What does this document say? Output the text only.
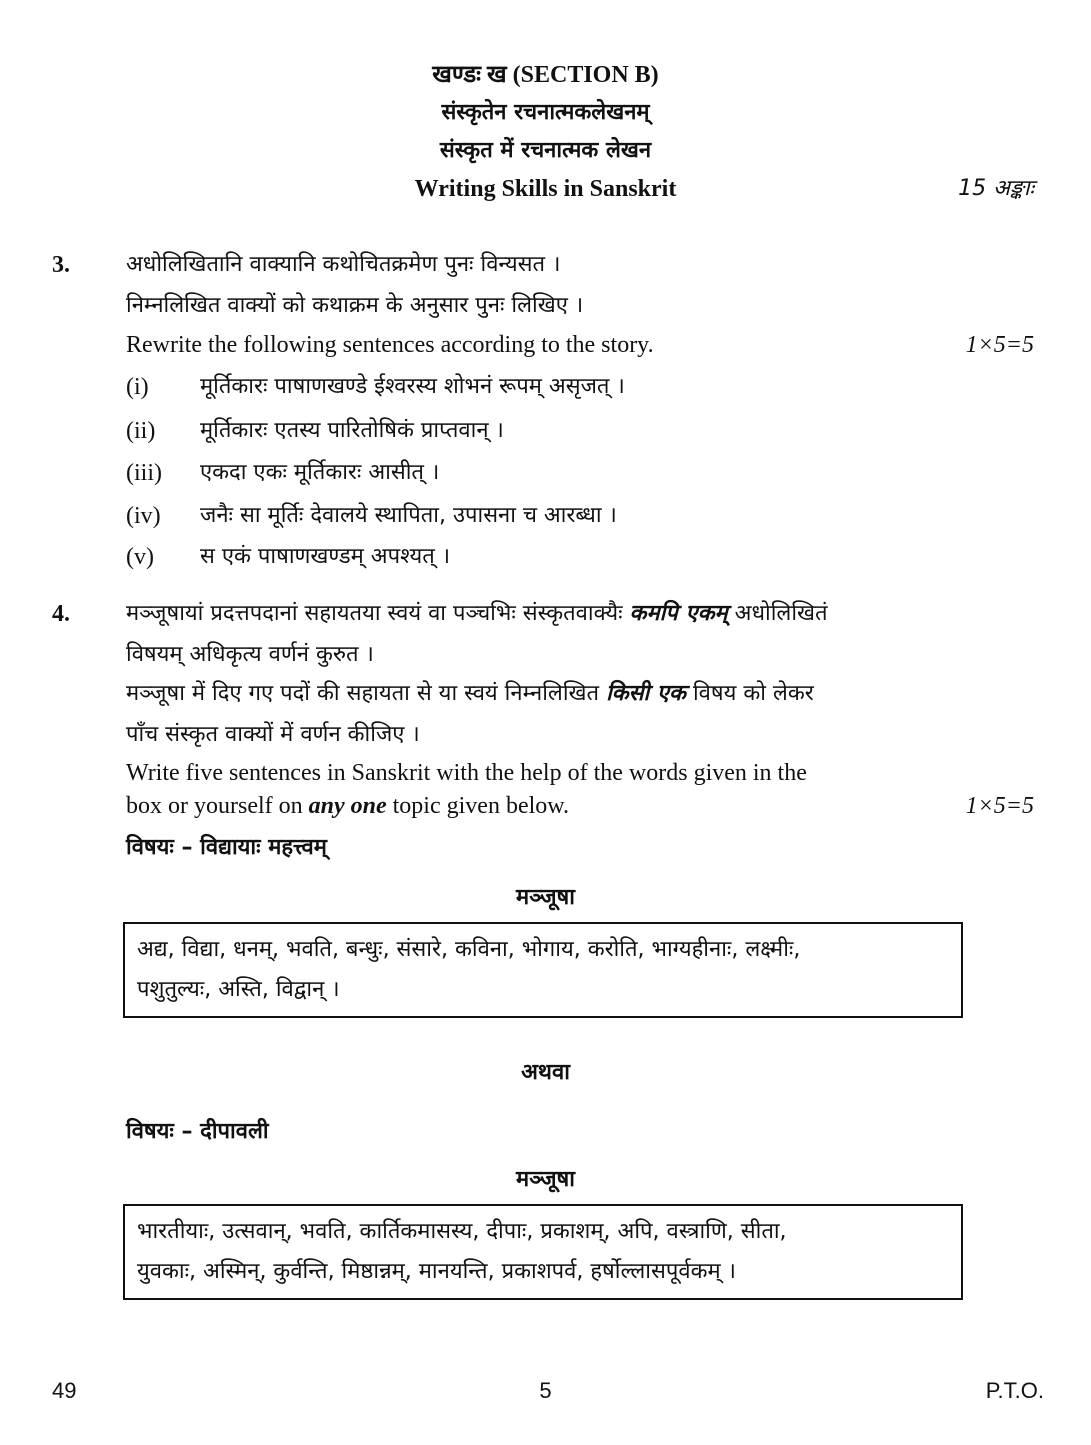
खण्डः ख (SECTION B)
संस्कृतेन रचनात्मकलेखनम्
संस्कृत में रचनात्मक लेखन
Writing Skills in Sanskrit	15 अङ्काः
3.	अधोलिखितानि वाक्यानि कथोचितक्रमेण पुनः विन्यसत ।
निम्नलिखित वाक्यों को कथाक्रम के अनुसार पुनः लिखिए ।
Rewrite the following sentences according to the story.	1×5=5
(i) मूर्तिकारः पाषाणखण्डे ईश्वरस्य शोभनं रूपम् असृजत् ।
(ii) मूर्तिकारः एतस्य पारितोषिकं प्राप्तवान् ।
(iii) एकदा एकः मूर्तिकारः आसीत् ।
(iv) जनैः सा मूर्तिः देवालये स्थापिता, उपासना च आरब्धा ।
(v) स एकं पाषाणखण्डम् अपश्यत् ।
4.	मञ्जूषायां प्रदत्तपदानां सहायतया स्वयं वा पञ्चभिः संस्कृतवाक्यैः कमपि एकम् अधोलिखितं
विषयम् अधिकृत्य वर्णनं कुरुत ।
मञ्जूषा में दिए गए पदों की सहायता से या स्वयं निम्नलिखित किसी एक विषय को लेकर
पाँच संस्कृत वाक्यों में वर्णन कीजिए ।
Write five sentences in Sanskrit with the help of the words given in the
box or yourself on any one topic given below.	1×5=5
विषयः – विद्यायाः महत्त्वम्
मञ्जूषा
अद्य, विद्या, धनम्, भवति, बन्धुः, संसारे, कविना, भोगाय, करोति, भाग्यहीनाः, लक्ष्मीः,
पशुतुल्यः, अस्ति, विद्वान् ।
अथवा
विषयः – दीपावली
मञ्जूषा
भारतीयाः, उत्सवान्, भवति, कार्तिकमासस्य, दीपाः, प्रकाशम्, अपि, वस्त्राणि, सीता,
युवकाः, अस्मिन्, कुर्वन्ति, मिष्ठान्नम्, मानयन्ति, प्रकाशपर्व, हर्षोल्लासपूर्वकम् ।
49	5	P.T.O.
